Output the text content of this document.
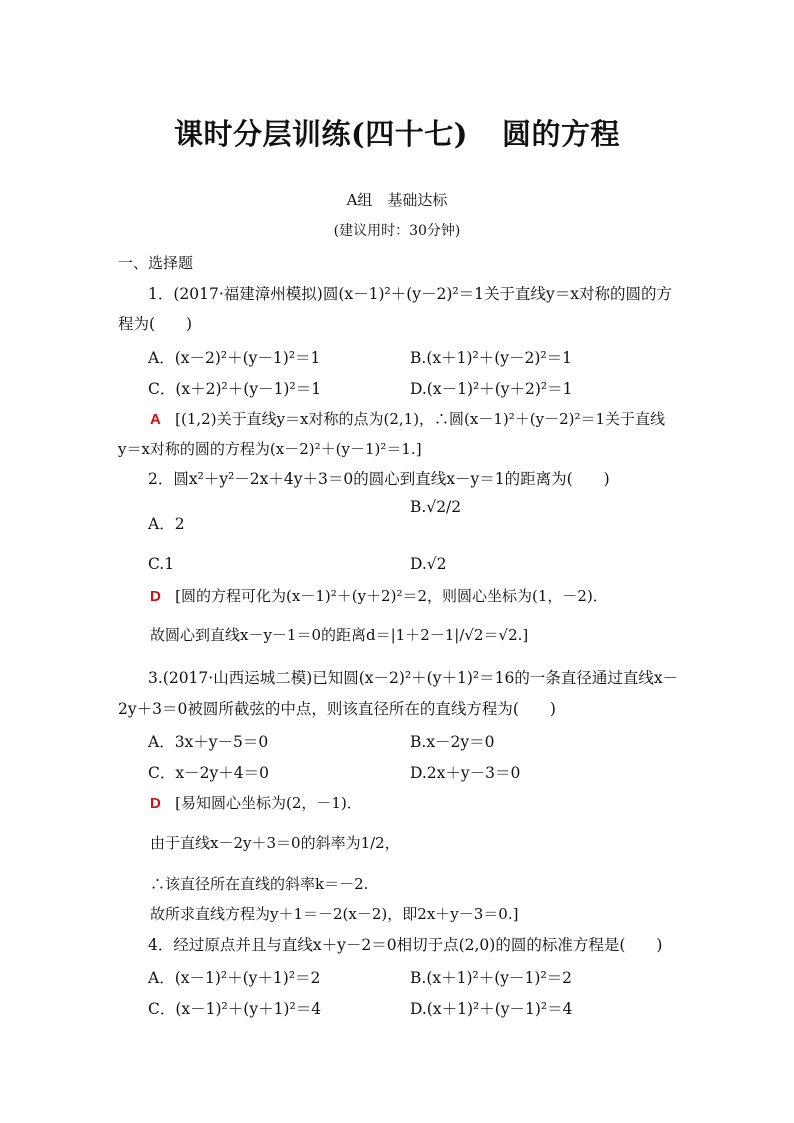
课时分层训练(四十七) 圆的方程
A组　基础达标
(建议用时：30分钟)
一、选择题
1．(2017·福建漳州模拟)圆(x－1)²＋(y－2)²＝1关于直线y＝x对称的圆的方
程为(　　)
A．(x－2)²＋(y－1)²＝1	B.(x＋1)²＋(y－2)²＝1
C．(x＋2)²＋(y－1)²＝1	D.(x－1)²＋(y＋2)²＝1
A [(1,2)关于直线y＝x对称的点为(2,1)，∴圆(x－1)²＋(y－2)²＝1关于直线
y＝x对称的圆的方程为(x－2)²＋(y－1)²＝1.]
2．圆x²＋y²－2x＋4y＋3＝0的圆心到直线x－y＝1的距离为(　　)
A．2
B.√2/2
C.1	D.√2
D [圆的方程可化为(x－1)²＋(y＋2)²＝2，则圆心坐标为(1，－2)．
故圆心到直线x－y－1＝0的距离d＝|1＋2－1|/√2＝√2.]
3.(2017·山西运城二模)已知圆(x－2)²＋(y＋1)²＝16的一条直径通过直线x－
2y＋3＝0被圆所截弦的中点，则该直径所在的直线方程为(　　)
A．3x＋y－5＝0	B.x－2y＝0
C．x－2y＋4＝0	D.2x＋y－3＝0
D [易知圆心坐标为(2，－1)．
由于直线x－2y＋3＝0的斜率为1/2，
∴该直径所在直线的斜率k＝－2.
故所求直线方程为y＋1＝－2(x－2)，即2x＋y－3＝0.]
4．经过原点并且与直线x＋y－2＝0相切于点(2,0)的圆的标准方程是(　　)
A．(x－1)²＋(y＋1)²＝2	B.(x＋1)²＋(y－1)²＝2
C．(x－1)²＋(y＋1)²＝4	D.(x＋1)²＋(y－1)²＝4
